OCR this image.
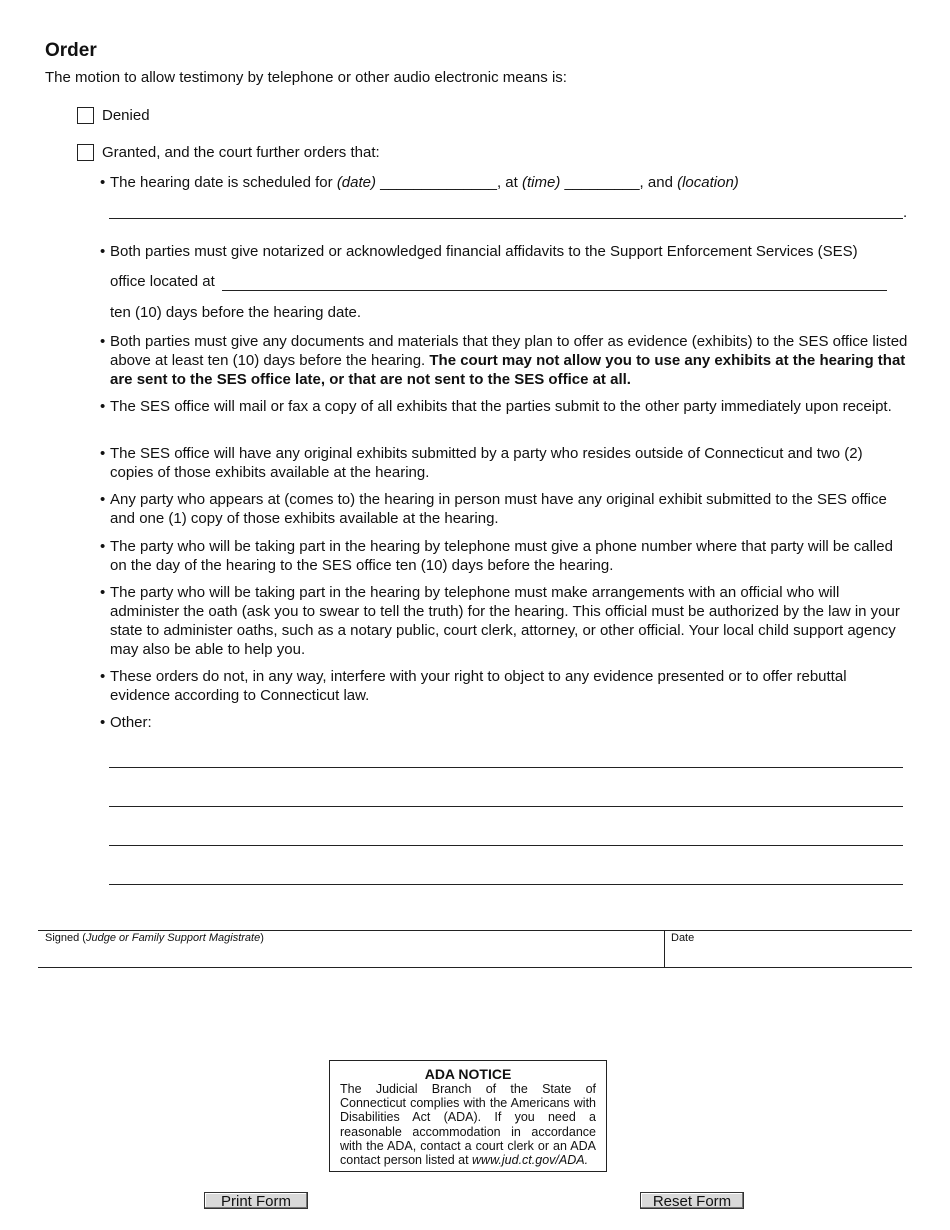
Order
The motion to allow testimony by telephone or other audio electronic means is:
Denied
Granted, and the court further orders that:
• The hearing date is scheduled for (date) ______________, at (time) _________, and (location)
.
• Both parties must give notarized or acknowledged financial affidavits to the Support Enforcement Services (SES)
office located at
ten (10) days before the hearing date.
• Both parties must give any documents and materials that they plan to offer as evidence (exhibits) to the SES office listed above at least ten (10) days before the hearing. The court may not allow you to use any exhibits at the hearing that are sent to the SES office late, or that are not sent to the SES office at all.
• The SES office will mail or fax a copy of all exhibits that the parties submit to the other party immediately upon receipt.
• The SES office will have any original exhibits submitted by a party who resides outside of Connecticut and two (2) copies of those exhibits available at the hearing.
• Any party who appears at (comes to) the hearing in person must have any original exhibit submitted to the SES office and one (1) copy of those exhibits available at the hearing.
• The party who will be taking part in the hearing by telephone must give a phone number where that party will be called on the day of the hearing to the SES office ten (10) days before the hearing.
• The party who will be taking part in the hearing by telephone must make arrangements with an official who will administer the oath (ask you to swear to tell the truth) for the hearing. This official must be authorized by the law in your state to administer oaths, such as a notary public, court clerk, attorney, or other official. Your local child support agency may also be able to help you.
• These orders do not, in any way, interfere with your right to object to any evidence presented or to offer rebuttal evidence according to Connecticut law.
• Other:
Signed (Judge or Family Support Magistrate)	Date
ADA NOTICE
The Judicial Branch of the State of Connecticut complies with the Americans with Disabilities Act (ADA). If you need a reasonable accommodation in accordance with the ADA, contact a court clerk or an ADA contact person listed at www.jud.ct.gov/ADA.
Print Form	Reset Form
